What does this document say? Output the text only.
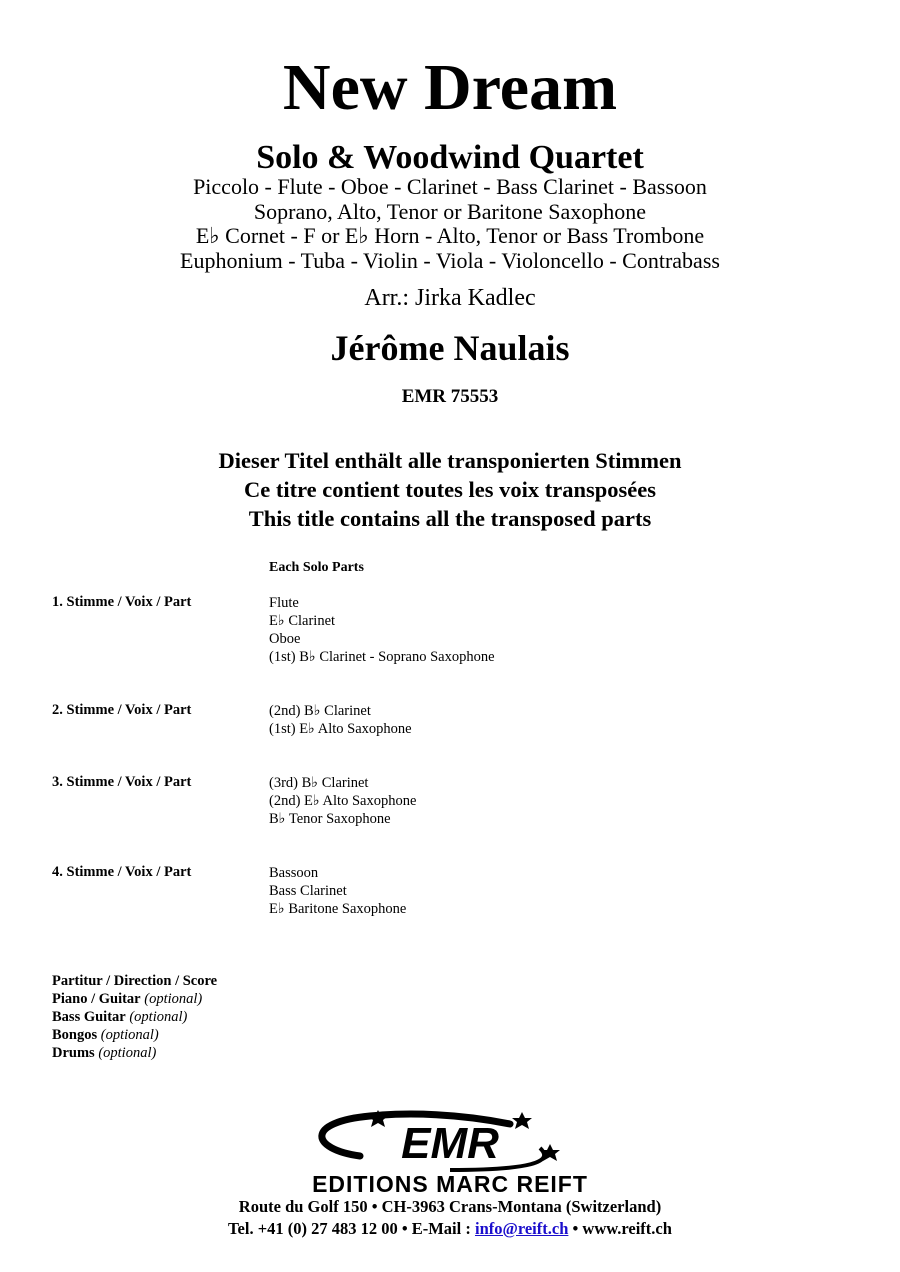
New Dream
Solo & Woodwind Quartet
Piccolo - Flute - Oboe - Clarinet - Bass Clarinet - Bassoon
Soprano, Alto, Tenor or Baritone Saxophone
E♭ Cornet - F or E♭ Horn - Alto, Tenor or Bass Trombone
Euphonium - Tuba - Violin - Viola - Violoncello - Contrabass
Arr.: Jirka Kadlec
Jérôme Naulais
EMR 75553
Dieser Titel enthält alle transponierten Stimmen
Ce titre contient toutes les voix transposées
This title contains all the transposed parts
Each Solo Parts
1. Stimme / Voix / Part	Flute
E♭ Clarinet
Oboe
(1st) B♭ Clarinet - Soprano Saxophone
2. Stimme / Voix / Part	(2nd) B♭ Clarinet
(1st) E♭ Alto Saxophone
3. Stimme / Voix / Part	(3rd) B♭ Clarinet
(2nd) E♭ Alto Saxophone
B♭ Tenor Saxophone
4. Stimme / Voix / Part	Bassoon
Bass Clarinet
E♭ Baritone Saxophone
Partitur / Direction / Score
Piano / Guitar (optional)
Bass Guitar (optional)
Bongos (optional)
Drums (optional)
EMR
EDITIONS MARC REIFT
Route du Golf 150 • CH-3963 Crans-Montana (Switzerland)
Tel. +41 (0) 27 483 12 00 • E-Mail : info@reift.ch • www.reift.ch
